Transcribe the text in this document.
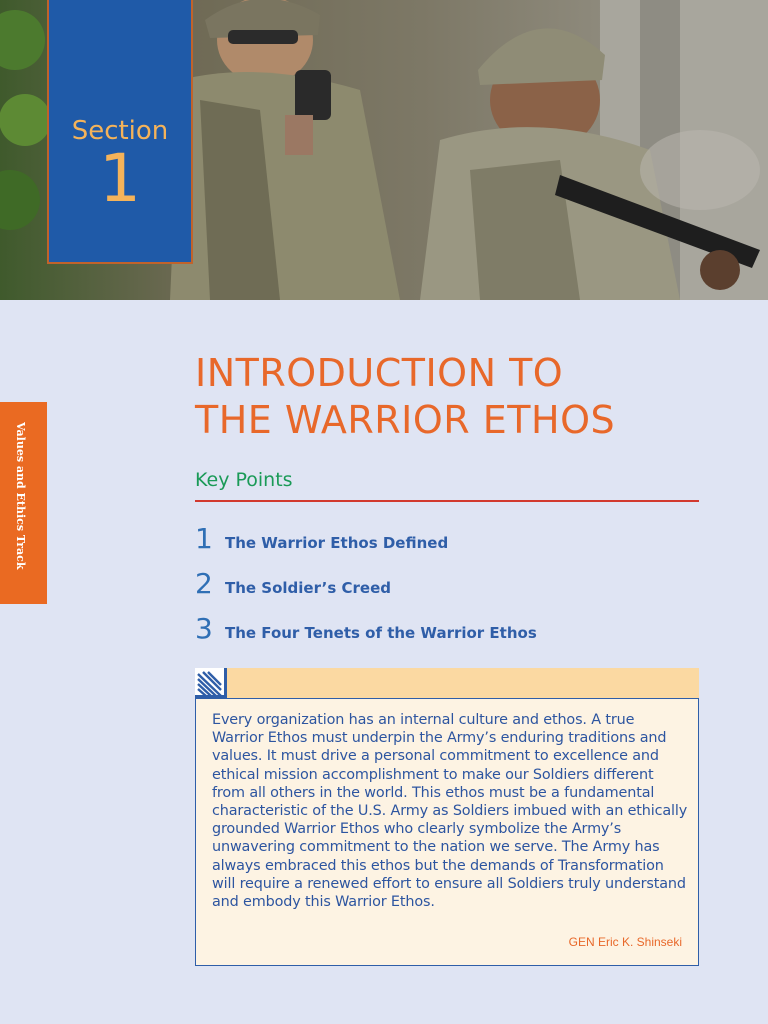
Section
1
Values and Ethics Track
INTRODUCTION TO
THE WARRIOR ETHOS
Key Points
1 The Warrior Ethos Defined
2 The Soldier’s Creed
3 The Four Tenets of the Warrior Ethos

Every organization has an internal culture and ethos. A true Warrior Ethos must underpin the Army’s enduring traditions and values. It must drive a personal commitment to excellence and ethical mission accomplishment to make our Soldiers different from all others in the world. This ethos must be a fundamental characteristic of the U.S. Army as Soldiers imbued with an ethically grounded Warrior Ethos who clearly symbolize the Army’s unwavering commitment to the nation we serve. The Army has always embraced this ethos but the demands of Transformation will require a renewed effort to ensure all Soldiers truly understand and embody this Warrior Ethos.

GEN Eric K. Shinseki
